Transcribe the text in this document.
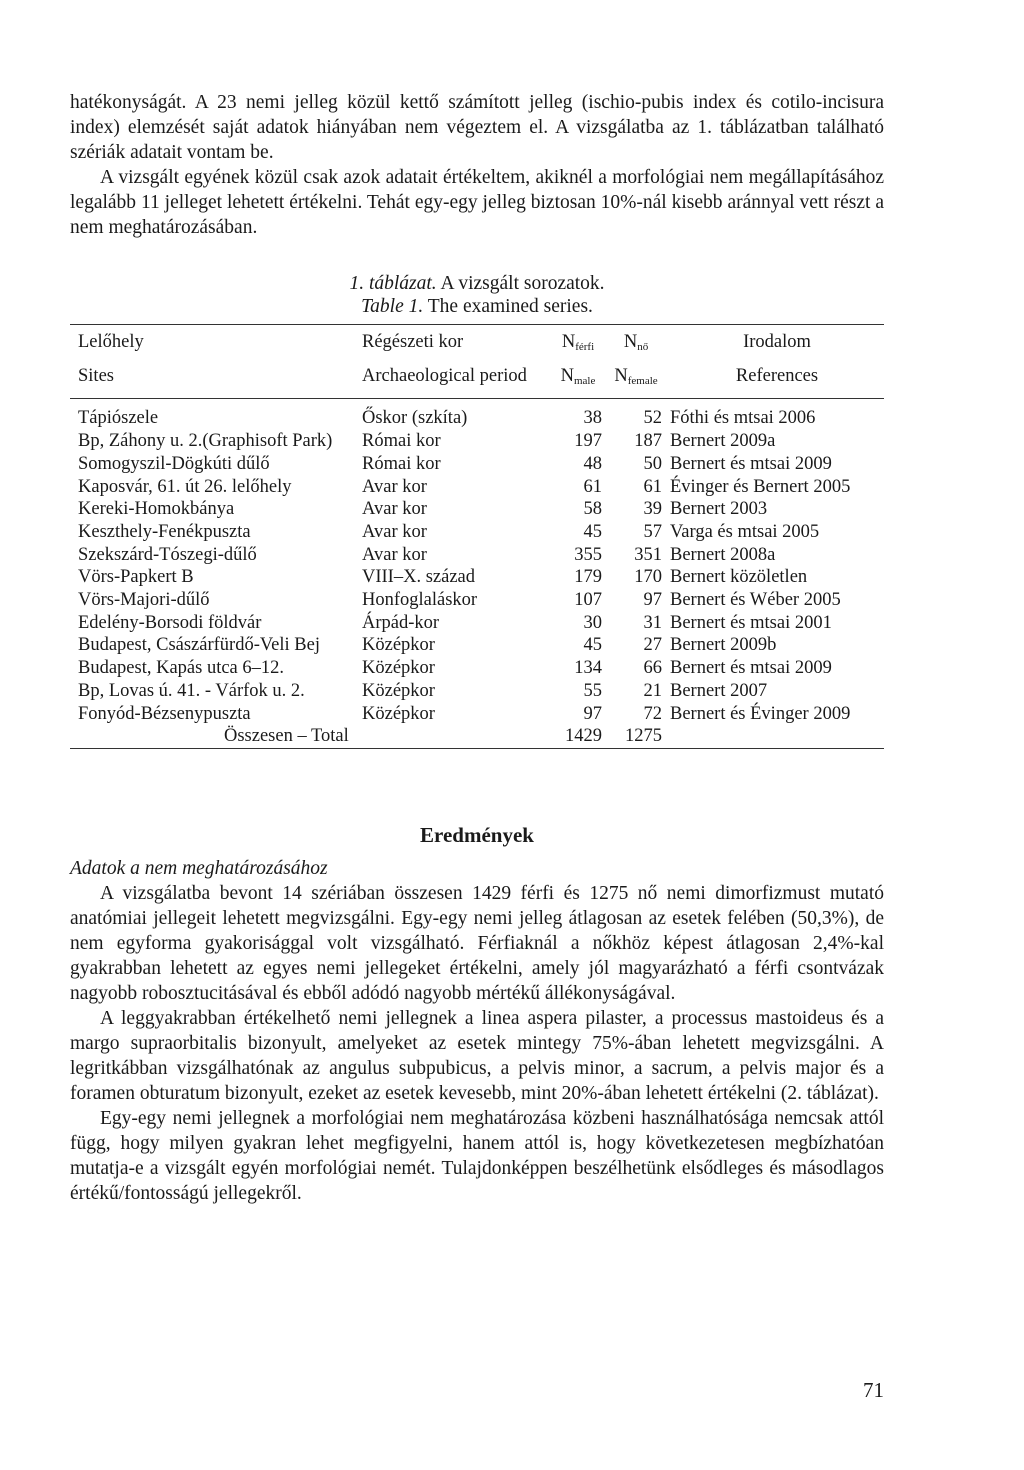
hatékonyságát. A 23 nemi jelleg közül kettő számított jelleg (ischio-pubis index és cotilo-incisura index) elemzését saját adatok hiányában nem végeztem el. A vizsgálatba az 1. táblázatban található szériák adatait vontam be.

A vizsgált egyének közül csak azok adatait értékeltem, akiknél a morfológiai nem megállapításához legalább 11 jelleget lehetett értékelni. Tehát egy-egy jelleg biztosan 10%-nál kisebb aránnyal vett részt a nem meghatározásában.

1. táblázat. A vizsgált sorozatok.
Table 1. The examined series.
Lelőhely	Régészeti kor	$N_{férfi}$	$N_{nő}$	Irodalom
Sites	Archaeological period	$N_{male}$	$N_{female}$	References
Tápiószele	Őskor (szkíta)	38	52	Fóthi és mtsai 2006
Bp, Záhony u. 2.(Graphisoft Park)	Római kor	197	187	Bernert 2009a
Somogyszil-Dögkúti dűlő	Római kor	48	50	Bernert és mtsai 2009
Kaposvár, 61. út 26. lelőhely	Avar kor	61	61	Évinger és Bernert 2005
Kereki-Homokbánya	Avar kor	58	39	Bernert 2003
Keszthely-Fenékpuszta	Avar kor	45	57	Varga és mtsai 2005
Szekszárd-Tószegi-dűlő	Avar kor	355	351	Bernert 2008a
Vörs-Papkert B	VIII–X. század	179	170	Bernert közöletlen
Vörs-Majori-dűlő	Honfoglaláskor	107	97	Bernert és Wéber 2005
Edelény-Borsodi földvár	Árpád-kor	30	31	Bernert és mtsai 2001
Budapest, Császárfürdő-Veli Bej	Középkor	45	27	Bernert 2009b
Budapest, Kapás utca 6–12.	Középkor	134	66	Bernert és mtsai 2009
Bp, Lovas ú. 41. - Várfok u. 2.	Középkor	55	21	Bernert 2007
Fonyód-Bézsenypuszta	Középkor	97	72	Bernert és Évinger 2009
Összesen – Total		1429	1275	
Eredmények

Adatok a nem meghatározásához

A vizsgálatba bevont 14 szériában összesen 1429 férfi és 1275 nő nemi dimorfizmust mutató anatómiai jellegeit lehetett megvizsgálni. Egy-egy nemi jelleg átlagosan az esetek felében (50,3%), de nem egyforma gyakorisággal volt vizsgálható. Férfiaknál a nőkhöz képest átlagosan 2,4%-kal gyakrabban lehetett az egyes nemi jellegeket értékelni, amely jól magyarázható a férfi csontvázak nagyobb robosztucitásával és ebből adódó nagyobb mértékű állékonyságával.

A leggyakrabban értékelhető nemi jellegnek a linea aspera pilaster, a processus mastoideus és a margo supraorbitalis bizonyult, amelyeket az esetek mintegy 75%-ában lehetett megvizsgálni. A legritkábban vizsgálhatónak az angulus subpubicus, a pelvis minor, a sacrum, a pelvis major és a foramen obturatum bizonyult, ezeket az esetek kevesebb, mint 20%-ában lehetett értékelni (2. táblázat).

Egy-egy nemi jellegnek a morfológiai nem meghatározása közbeni használhatósága nemcsak attól függ, hogy milyen gyakran lehet megfigyelni, hanem attól is, hogy következetesen megbízhatóan mutatja-e a vizsgált egyén morfológiai nemét. Tulajdonképpen beszélhetünk elsődleges és másodlagos értékű/fontosságú jellegekről.

71
